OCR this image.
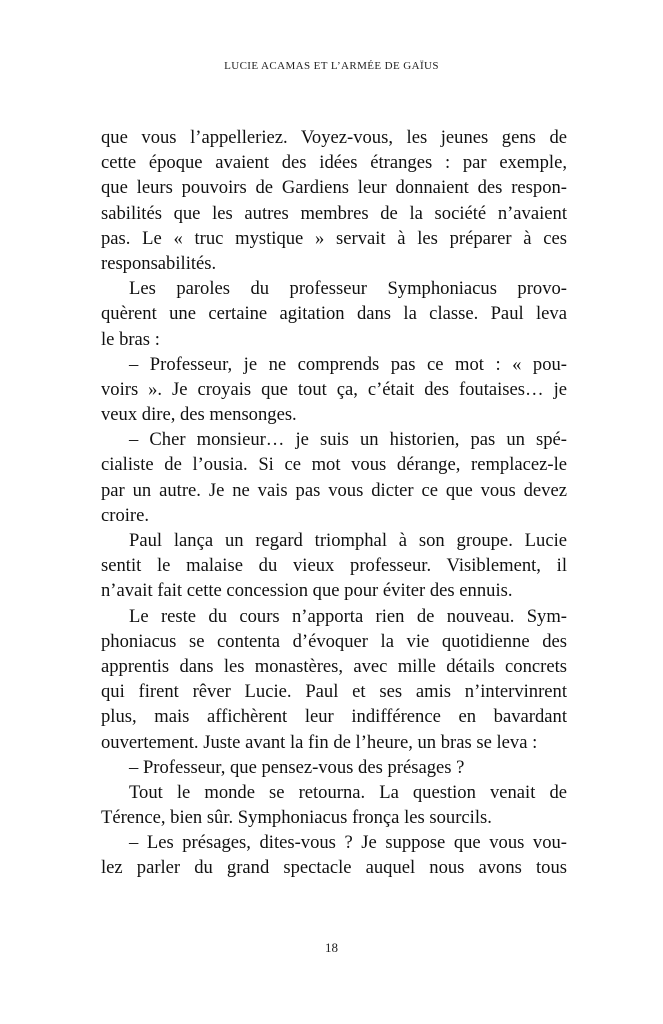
LUCIE ACAMAS ET L’ARMÉE DE GAÏUS
que vous l’appelleriez. Voyez-vous, les jeunes gens de
cette époque avaient des idées étranges : par exemple,
que leurs pouvoirs de Gardiens leur donnaient des respon-
sabilités que les autres membres de la société n’avaient
pas. Le « truc mystique » servait à les préparer à ces
responsabilités.
Les paroles du professeur Symphoniacus provo-
quèrent une certaine agitation dans la classe. Paul leva
le bras :
– Professeur, je ne comprends pas ce mot : « pou-
voirs ». Je croyais que tout ça, c’était des foutaises… je
veux dire, des mensonges.
– Cher monsieur… je suis un historien, pas un spé-
cialiste de l’ousia. Si ce mot vous dérange, remplacez-le
par un autre. Je ne vais pas vous dicter ce que vous devez
croire.
Paul lança un regard triomphal à son groupe. Lucie
sentit le malaise du vieux professeur. Visiblement, il
n’avait fait cette concession que pour éviter des ennuis.
Le reste du cours n’apporta rien de nouveau. Sym-
phoniacus se contenta d’évoquer la vie quotidienne des
apprentis dans les monastères, avec mille détails concrets
qui firent rêver Lucie. Paul et ses amis n’intervinrent
plus, mais affichèrent leur indifférence en bavardant
ouvertement. Juste avant la fin de l’heure, un bras se leva :
– Professeur, que pensez-vous des présages ?
Tout le monde se retourna. La question venait de
Térence, bien sûr. Symphoniacus fronça les sourcils.
– Les présages, dites-vous ? Je suppose que vous vou-
lez parler du grand spectacle auquel nous avons tous
18
